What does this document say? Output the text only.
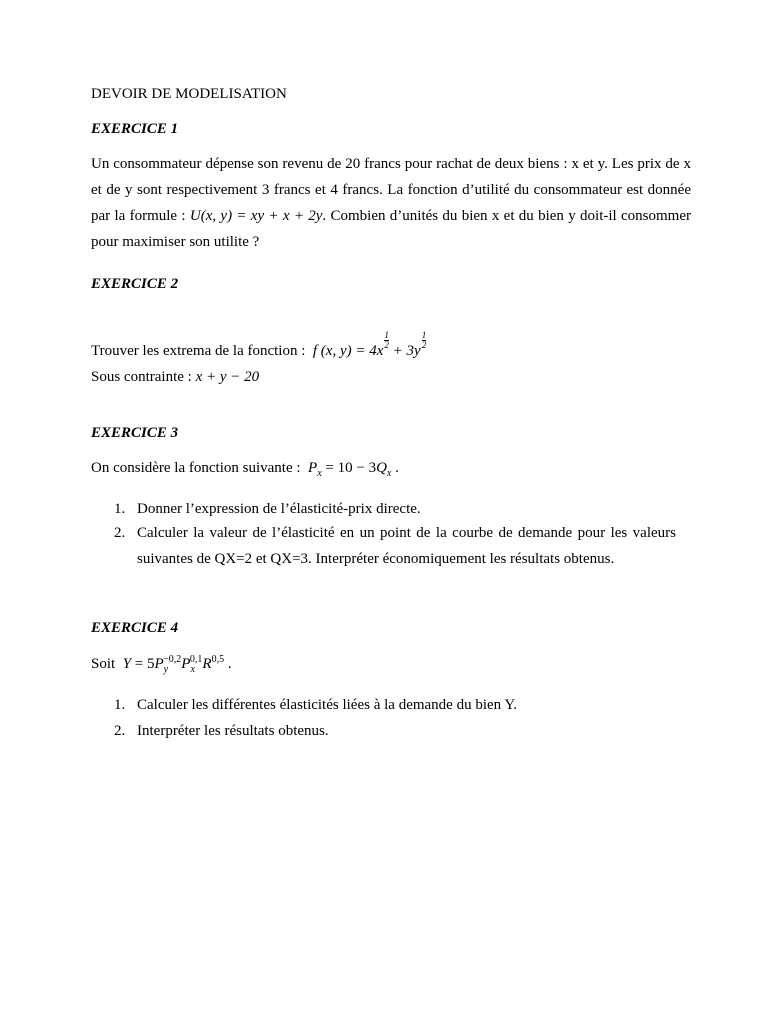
DEVOIR DE MODELISATION
EXERCICE 1
Un consommateur dépense son revenu de 20 francs pour rachat de deux biens : x et y. Les prix de x et de y sont respectivement 3 francs et 4 francs. La fonction d’utilité du consommateur est donnée par la formule : U(x, y) = xy + x + 2y. Combien d’unités du bien x et du bien y doit-il consommer pour maximiser son utilite ?
EXERCICE 2
Trouver les extrema de la fonction :  f (x, y) = 4x
$\frac{1}{2}$
+ 3y
$\frac{1}{2}$
Sous contrainte : x + y − 20
EXERCICE 3
On considère la fonction suivante :  $P_x = 10 - 3Q_x$ .
1. Donner l’expression de l’élasticité-prix directe.
2. Calculer la valeur de l’élasticité en un point de la courbe de demande pour les valeurs suivantes de QX=2 et QX=3. Interpréter économiquement les résultats obtenus.
EXERCICE 4
Soit  $Y = 5P_y^{-0,2}P_x^{0,1}R^{0,5}$ .
1. Calculer les différentes élasticités liées à la demande du bien Y.
2. Interpréter les résultats obtenus.
